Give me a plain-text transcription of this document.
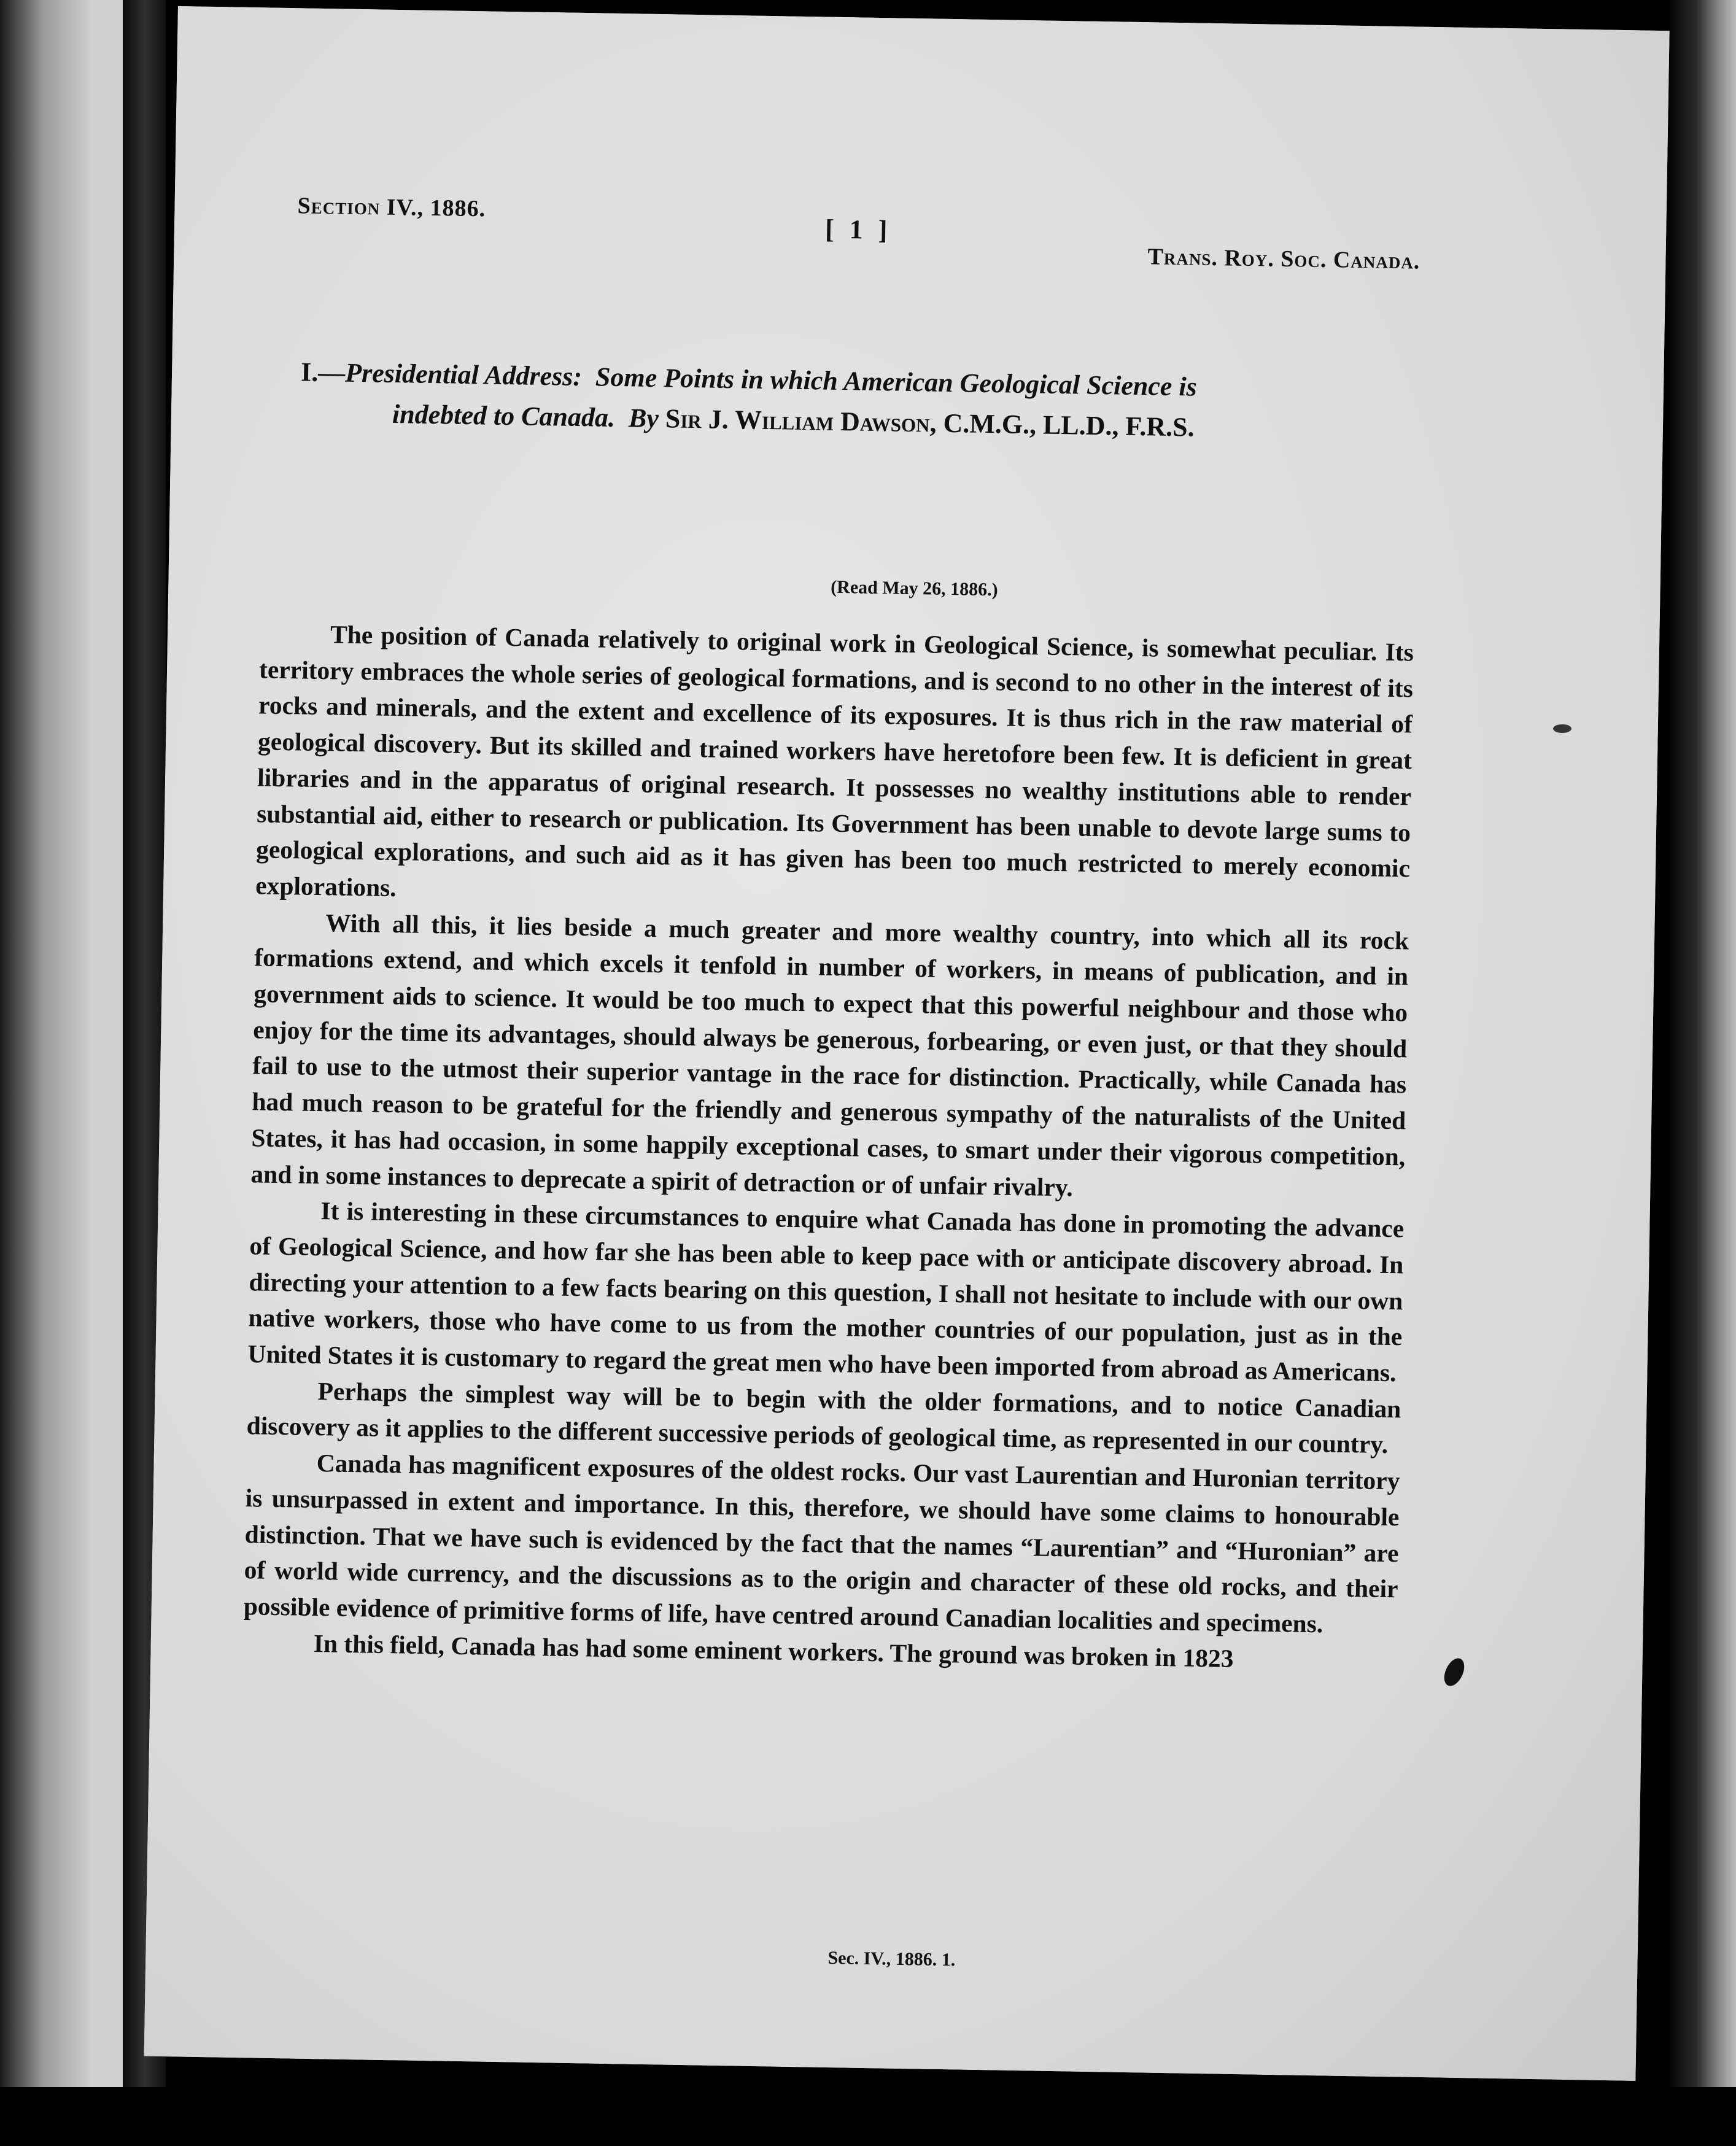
Section IV., 1886.
[ 1 ]
Trans. Roy. Soc. Canada.
I.—Presidential Address: Some Points in which American Geological Science is
indebted to Canada. By Sir J. William Dawson, C.M.G., LL.D., F.R.S.
(Read May 26, 1886.)

The position of Canada relatively to original work in Geological Science, is somewhat peculiar. Its territory embraces the whole series of geological formations, and is second to no other in the interest of its rocks and minerals, and the extent and excellence of its exposures. It is thus rich in the raw material of geological discovery. But its skilled and trained workers have heretofore been few. It is deficient in great libraries and in the apparatus of original research. It possesses no wealthy institutions able to render substantial aid, either to research or publication. Its Government has been unable to devote large sums to geological explorations, and such aid as it has given has been too much restricted to merely economic explorations.

With all this, it lies beside a much greater and more wealthy country, into which all its rock formations extend, and which excels it tenfold in number of workers, in means of publication, and in government aids to science. It would be too much to expect that this powerful neighbour and those who enjoy for the time its advantages, should always be generous, forbearing, or even just, or that they should fail to use to the utmost their superior vantage in the race for distinction. Practically, while Canada has had much reason to be grateful for the friendly and generous sympathy of the naturalists of the United States, it has had occasion, in some happily exceptional cases, to smart under their vigorous competition, and in some instances to deprecate a spirit of detraction or of unfair rivalry.

It is interesting in these circumstances to enquire what Canada has done in promoting the advance of Geological Science, and how far she has been able to keep pace with or anticipate discovery abroad. In directing your attention to a few facts bearing on this question, I shall not hesitate to include with our own native workers, those who have come to us from the mother countries of our population, just as in the United States it is customary to regard the great men who have been imported from abroad as Americans.

Perhaps the simplest way will be to begin with the older formations, and to notice Canadian discovery as it applies to the different successive periods of geological time, as represented in our country.

Canada has magnificent exposures of the oldest rocks. Our vast Laurentian and Huronian territory is unsurpassed in extent and importance. In this, therefore, we should have some claims to honourable distinction. That we have such is evidenced by the fact that the names “Laurentian” and “Huronian” are of world wide currency, and the discussions as to the origin and character of these old rocks, and their possible evidence of primitive forms of life, have centred around Canadian localities and specimens.

In this field, Canada has had some eminent workers. The ground was broken in 1823

Sec. IV., 1886. 1.
